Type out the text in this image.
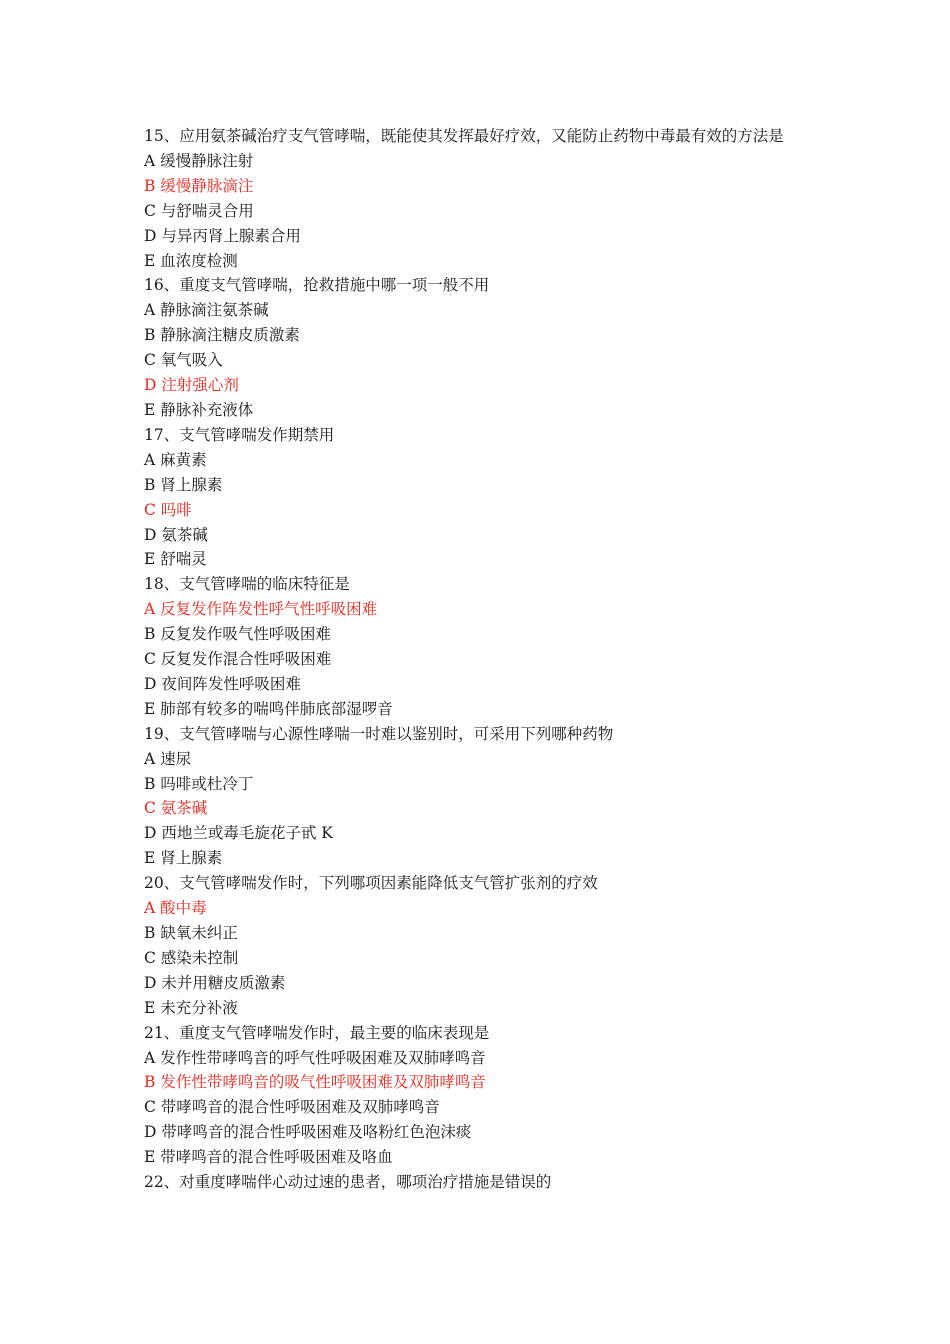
15、应用氨茶碱治疗支气管哮喘，既能使其发挥最好疗效，又能防止药物中毒最有效的方法是
A 缓慢静脉注射
B 缓慢静脉滴注
C 与舒喘灵合用
D 与异丙肾上腺素合用
E 血浓度检测
16、重度支气管哮喘，抢救措施中哪一项一般不用
A 静脉滴注氨茶碱
B 静脉滴注糖皮质激素
C 氧气吸入
D 注射强心剂
E 静脉补充液体
17、支气管哮喘发作期禁用
A 麻黄素
B 肾上腺素
C 吗啡
D 氨茶碱
E 舒喘灵
18、支气管哮喘的临床特征是
A 反复发作阵发性呼气性呼吸困难
B 反复发作吸气性呼吸困难
C 反复发作混合性呼吸困难
D 夜间阵发性呼吸困难
E 肺部有较多的喘鸣伴肺底部湿啰音
19、支气管哮喘与心源性哮喘一时难以鉴别时，可采用下列哪种药物
A 速尿
B 吗啡或杜冷丁
C 氨茶碱
D 西地兰或毒毛旋花子甙 K
E 肾上腺素
20、支气管哮喘发作时，下列哪项因素能降低支气管扩张剂的疗效
A 酸中毒
B 缺氧未纠正
C 感染未控制
D 未并用糖皮质激素
E 未充分补液
21、重度支气管哮喘发作时，最主要的临床表现是
A 发作性带哮鸣音的呼气性呼吸困难及双肺哮鸣音
B 发作性带哮鸣音的吸气性呼吸困难及双肺哮鸣音
C 带哮鸣音的混合性呼吸困难及双肺哮鸣音
D 带哮鸣音的混合性呼吸困难及咯粉红色泡沫痰
E 带哮鸣音的混合性呼吸困难及咯血
22、对重度哮喘伴心动过速的患者，哪项治疗措施是错误的
